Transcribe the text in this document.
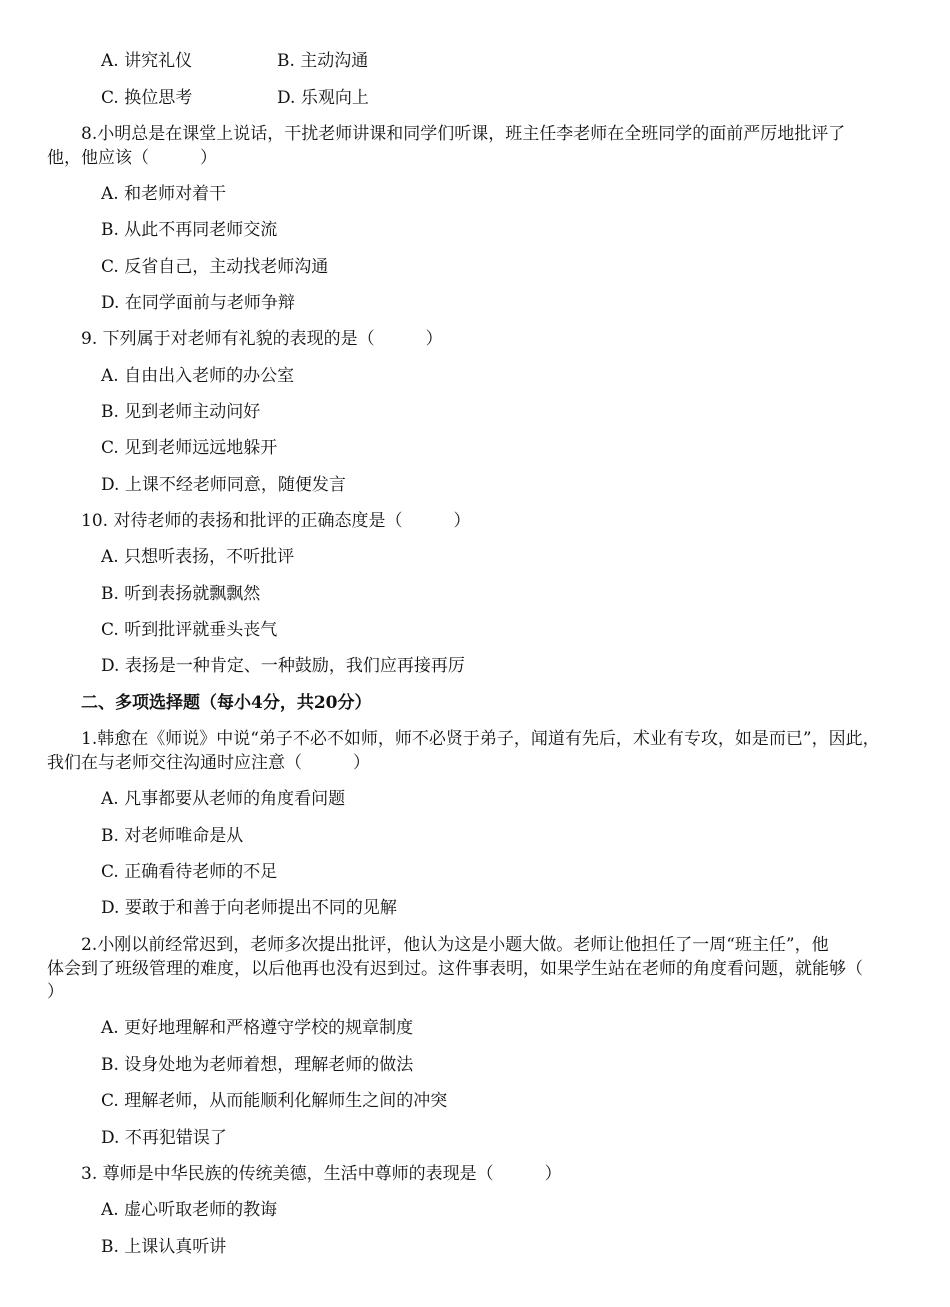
A. 讲究礼仪	B. 主动沟通
C. 换位思考	D. 乐观向上
8.小明总是在课堂上说话，干扰老师讲课和同学们听课，班主任李老师在全班同学的面前严厉地批评了
他，他应该（　　　）
A. 和老师对着干
B. 从此不再同老师交流
C. 反省自己，主动找老师沟通
D. 在同学面前与老师争辩
9. 下列属于对老师有礼貌的表现的是（　　　）
A. 自由出入老师的办公室
B. 见到老师主动问好
C. 见到老师远远地躲开
D. 上课不经老师同意，随便发言
10. 对待老师的表扬和批评的正确态度是（　　　）
A. 只想听表扬，不听批评
B. 听到表扬就飘飘然
C. 听到批评就垂头丧气
D. 表扬是一种肯定、一种鼓励，我们应再接再厉
二、多项选择题（每小4分，共20分）
1.韩愈在《师说》中说“弟子不必不如师，师不必贤于弟子，闻道有先后，术业有专攻，如是而已”，因此，
我们在与老师交往沟通时应注意（　　　）
A. 凡事都要从老师的角度看问题
B. 对老师唯命是从
C. 正确看待老师的不足
D. 要敢于和善于向老师提出不同的见解
2.小刚以前经常迟到，老师多次提出批评，他认为这是小题大做。老师让他担任了一周“班主任”，他
体会到了班级管理的难度，以后他再也没有迟到过。这件事表明，如果学生站在老师的角度看问题，就能够（
）
A. 更好地理解和严格遵守学校的规章制度
B. 设身处地为老师着想，理解老师的做法
C. 理解老师，从而能顺利化解师生之间的冲突
D. 不再犯错误了
3. 尊师是中华民族的传统美德，生活中尊师的表现是（　　　）
A. 虚心听取老师的教诲
B. 上课认真听讲
